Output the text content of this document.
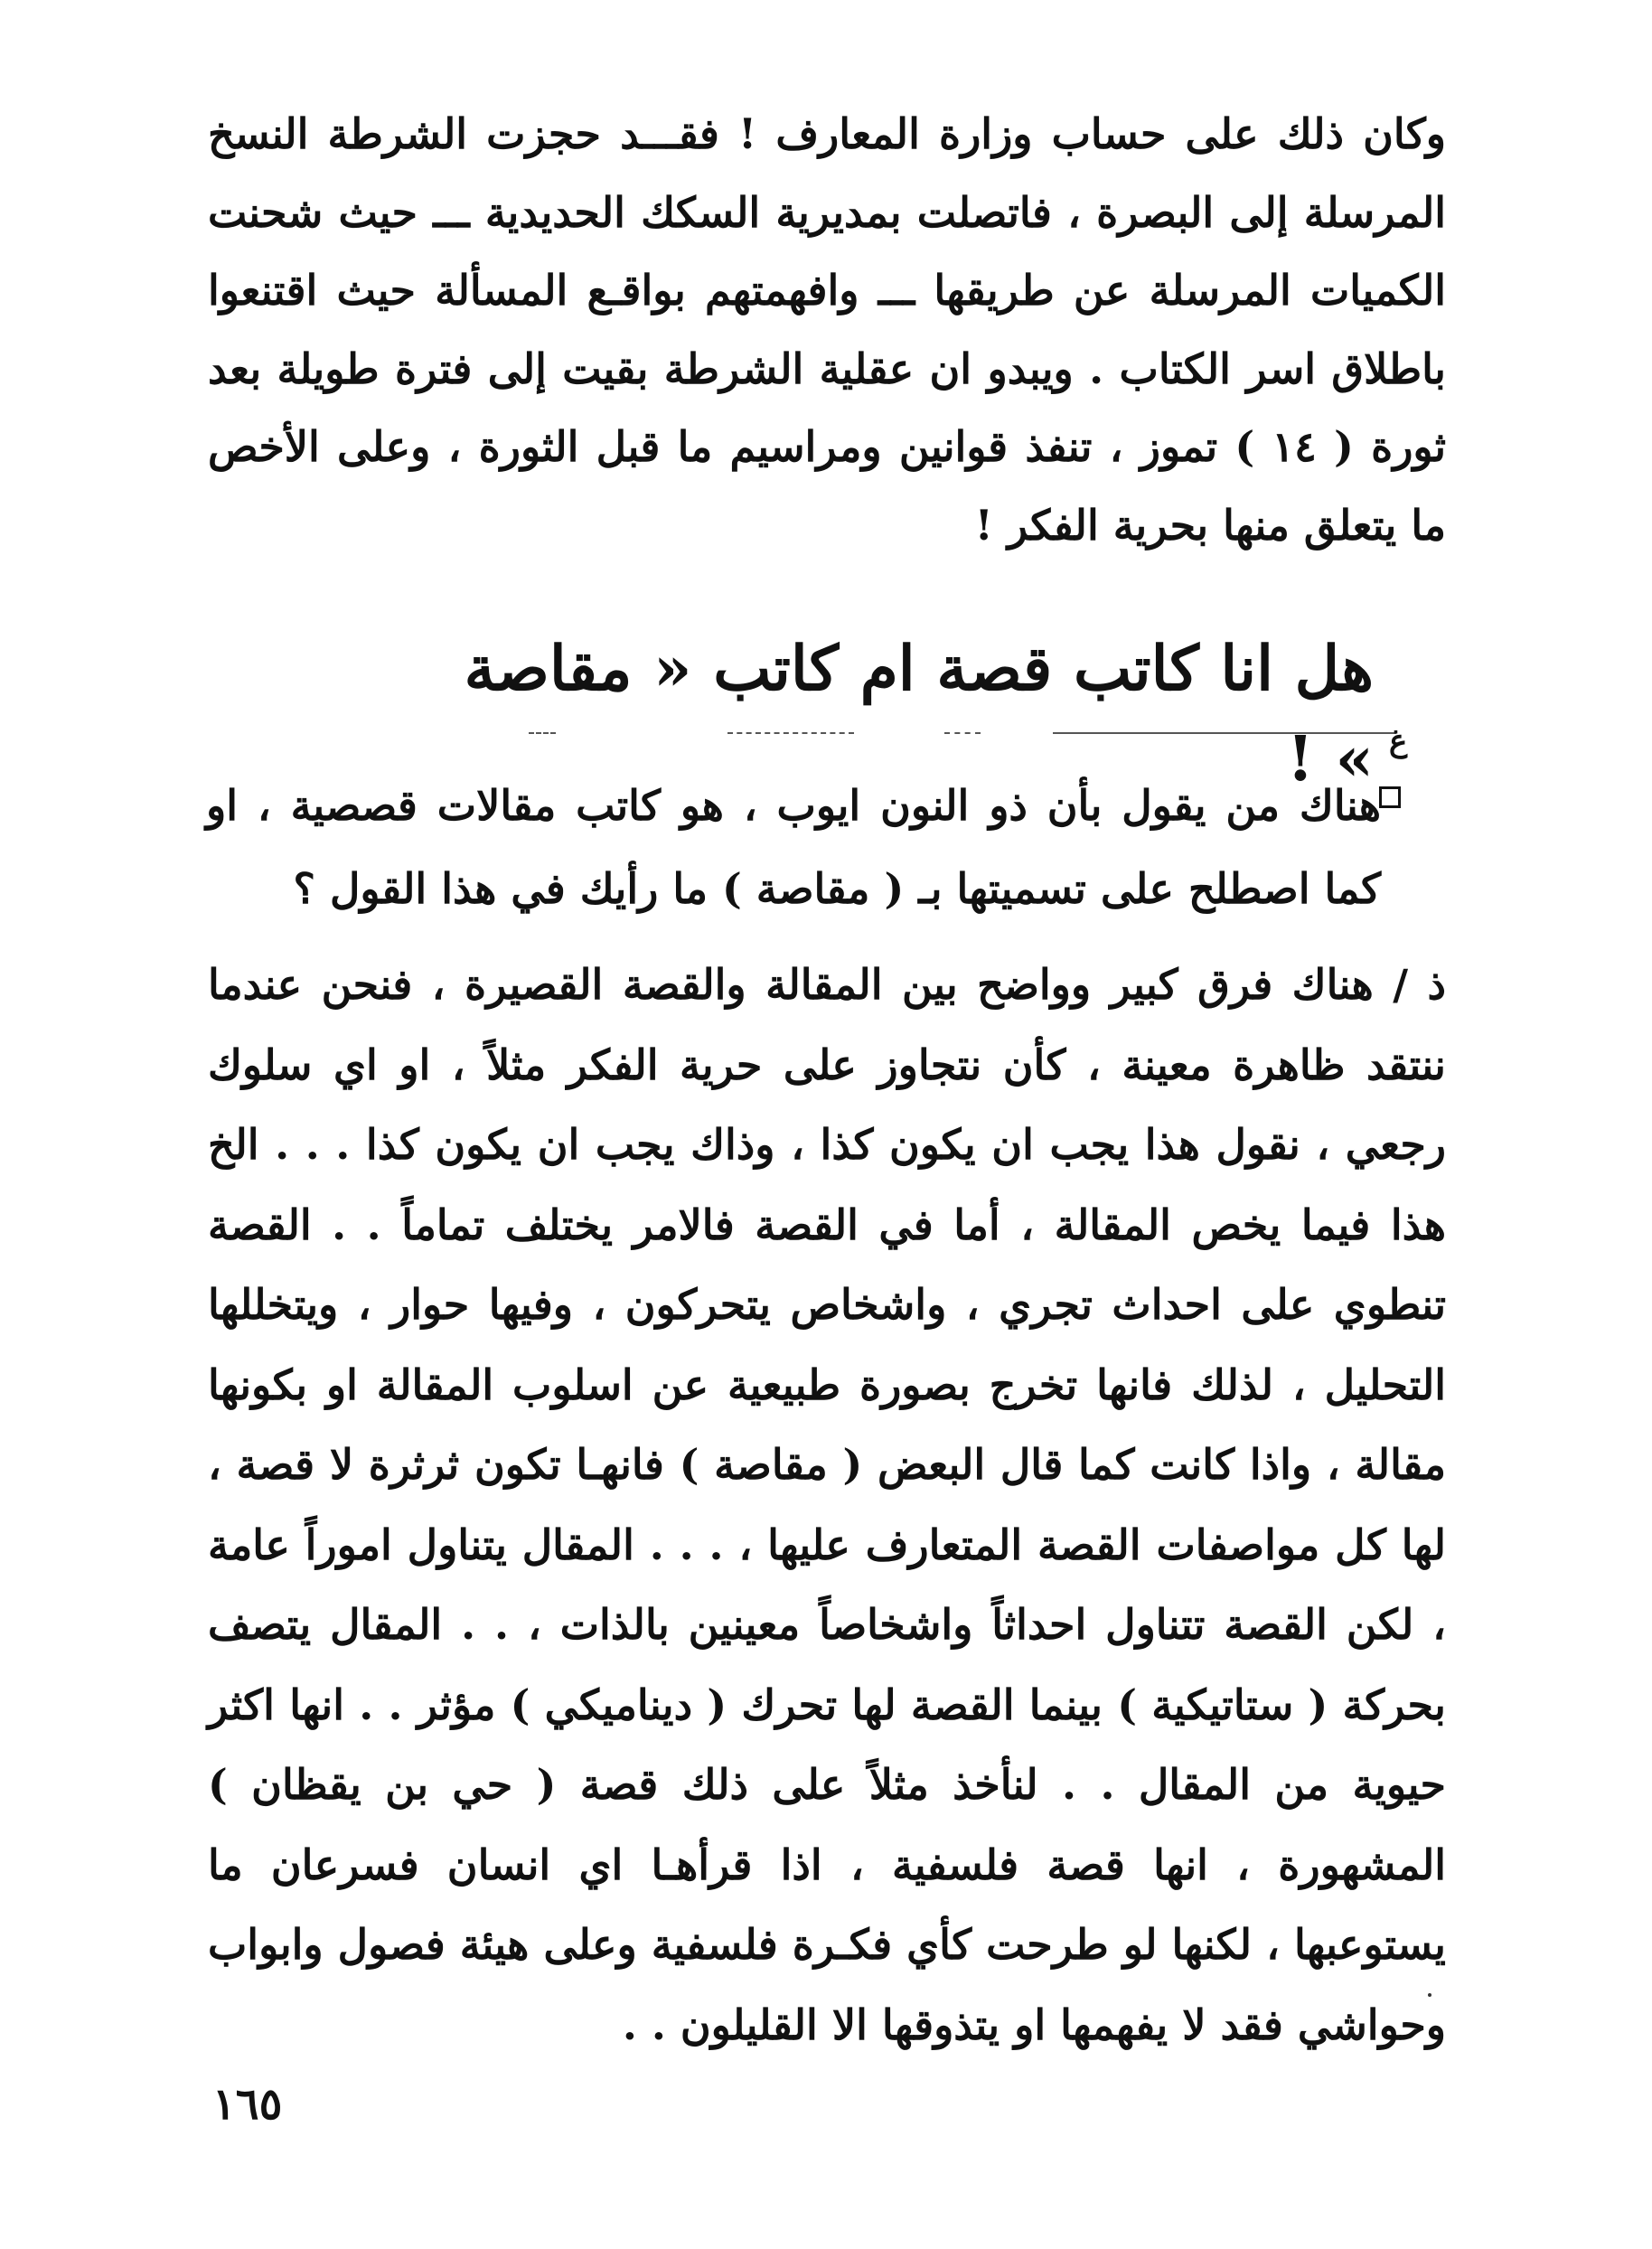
وكان ذلك على حساب وزارة المعارف ! فقـــد حجزت الشرطة النسخ المرسلة إلى البصرة ، فاتصلت بمديرية السكك الحديدية ـــ حيث شحنت الكميات المرسلة عن طريقها ـــ وافهمتهم بواقـع المسألة حيث اقتنعوا باطلاق اسر الكتاب . ويبدو ان عقلية الشرطة بقيت إلى فترة طويلة بعد ثورة ( ١٤ ) تموز ، تنفذ قوانين ومراسيم ما قبل الثورة ، وعلى الأخص ما يتعلق منها بحرية الفكر !

هل انا كاتب قصة ام كاتب « مقاصة » ! غ

هناك من يقول بأن ذو النون ايوب ، هو كاتب مقالات قصصية ، او كما اصطلح على تسميتها بـ ( مقاصة ) ما رأيك في هذا القول ؟

ذ / هناك فرق كبير وواضح بين المقالة والقصة القصيرة ، فنحن عندما ننتقد ظاهرة معينة ، كأن نتجاوز على حرية الفكر مثلاً ، او اي سلوك رجعي ، نقول هذا يجب ان يكون كذا ، وذاك يجب ان يكون كذا . . . الخ هذا فيما يخص المقالة ، أما في القصة فالامر يختلف تماماً . . القصة تنطوي على احداث تجري ، واشخاص يتحركون ، وفيها حوار ، ويتخللها التحليل ، لذلك فانها تخرج بصورة طبيعية عن اسلوب المقالة او بكونها مقالة ، واذا كانت كما قال البعض ( مقاصة ) فانهـا تكون ثرثرة لا قصة ، لها كل مواصفات القصة المتعارف عليها ، . . . المقال يتناول اموراً عامة ، لكن القصة تتناول احداثاً واشخاصاً معينين بالذات ، . . المقال يتصف بحركة ( ستاتيكية ) بينما القصة لها تحرك ( ديناميكي ) مؤثر . . انها اكثر حيوية من المقال . . لنأخذ مثلاً على ذلك قصة ( حي بن يقظان ) المشهورة ، انها قصة فلسفية ، اذا قرأهـا اي انسان فسرعان ما يستوعبها ، لكنها لو طرحت كأي فكـرة فلسفية وعلى هيئة فصول وابواب وحواشي فقد لا يفهمها او يتذوقها الا القليلون . .

١٦٥
